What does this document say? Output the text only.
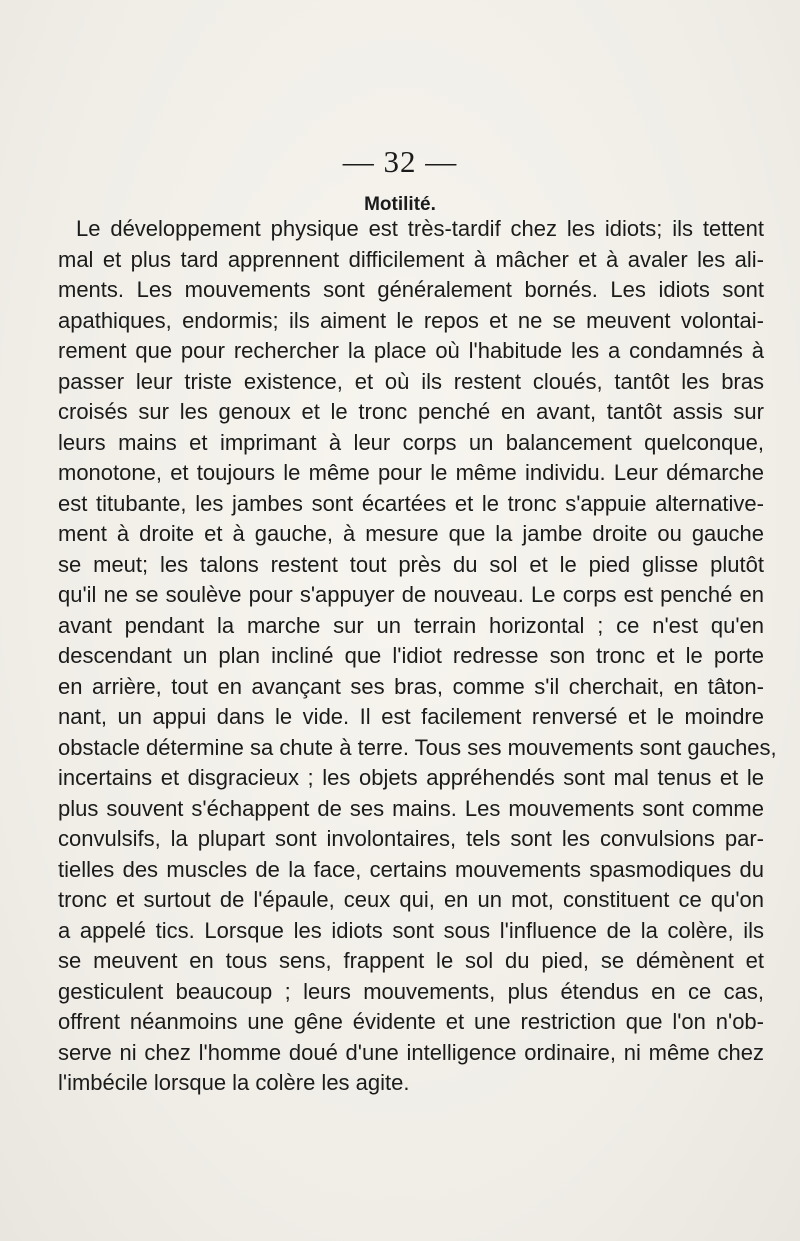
— 32 —
Motilité.
Le développement physique est très-tardif chez les idiots; ils tettent
mal et plus tard apprennent difficilement à mâcher et à avaler les ali-
ments. Les mouvements sont généralement bornés. Les idiots sont
apathiques, endormis; ils aiment le repos et ne se meuvent volontai-
rement que pour rechercher la place où l'habitude les a condamnés à
passer leur triste existence, et où ils restent cloués, tantôt les bras
croisés sur les genoux et le tronc penché en avant, tantôt assis sur
leurs mains et imprimant à leur corps un balancement quelconque,
monotone, et toujours le même pour le même individu. Leur démarche
est titubante, les jambes sont écartées et le tronc s'appuie alternative-
ment à droite et à gauche, à mesure que la jambe droite ou gauche
se meut; les talons restent tout près du sol et le pied glisse plutôt
qu'il ne se soulève pour s'appuyer de nouveau. Le corps est penché en
avant pendant la marche sur un terrain horizontal ; ce n'est qu'en
descendant un plan incliné que l'idiot redresse son tronc et le porte
en arrière, tout en avançant ses bras, comme s'il cherchait, en tâton-
nant, un appui dans le vide. Il est facilement renversé et le moindre
obstacle détermine sa chute à terre. Tous ses mouvements sont gauches,
incertains et disgracieux ; les objets appréhendés sont mal tenus et le
plus souvent s'échappent de ses mains. Les mouvements sont comme
convulsifs, la plupart sont involontaires, tels sont les convulsions par-
tielles des muscles de la face, certains mouvements spasmodiques du
tronc et surtout de l'épaule, ceux qui, en un mot, constituent ce qu'on
a appelé tics. Lorsque les idiots sont sous l'influence de la colère, ils
se meuvent en tous sens, frappent le sol du pied, se démènent et
gesticulent beaucoup ; leurs mouvements, plus étendus en ce cas,
offrent néanmoins une gêne évidente et une restriction que l'on n'ob-
serve ni chez l'homme doué d'une intelligence ordinaire, ni même chez
l'imbécile lorsque la colère les agite.
